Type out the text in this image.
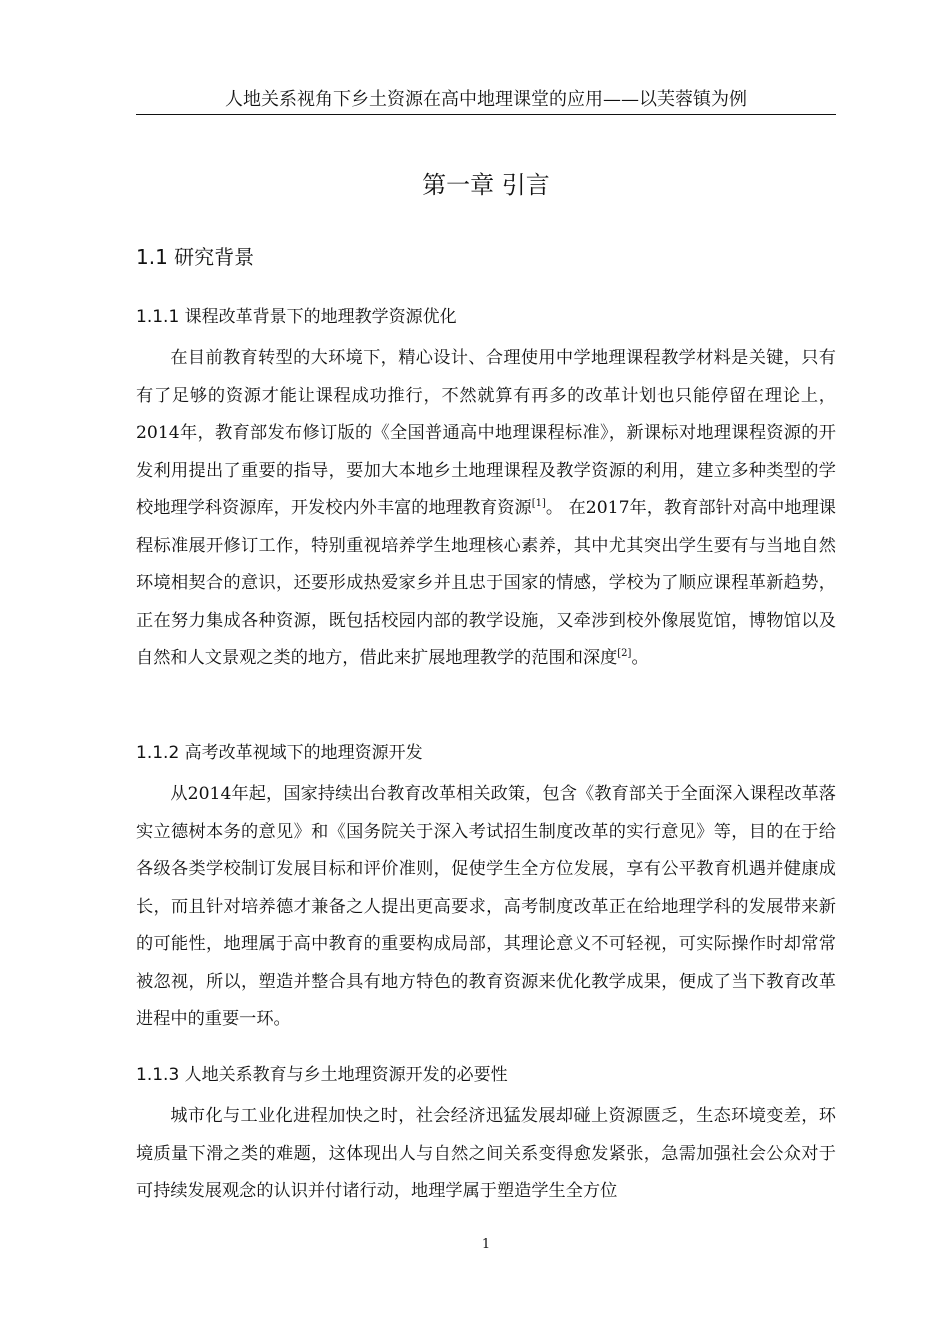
人地关系视角下乡土资源在高中地理课堂的应用——以芙蓉镇为例
第一章 引言
1.1 研究背景
1.1.1 课程改革背景下的地理教学资源优化

在目前教育转型的大环境下，精心设计、合理使用中学地理课程教学材料是关键，只有有了足够的资源才能让课程成功推行，不然就算有再多的改革计划也只能停留在理论上，2014年，教育部发布修订版的《全国普通高中地理课程标准》，新课标对地理课程资源的开发利用提出了重要的指导，要加大本地乡土地理课程及教学资源的利用，建立多种类型的学校地理学科资源库，开发校内外丰富的地理教育资源[1]。 在2017年，教育部针对高中地理课程标准展开修订工作，特别重视培养学生地理核心素养，其中尤其突出学生要有与当地自然环境相契合的意识，还要形成热爱家乡并且忠于国家的情感，学校为了顺应课程革新趋势，正在努力集成各种资源，既包括校园内部的教学设施，又牵涉到校外像展览馆，博物馆以及自然和人文景观之类的地方，借此来扩展地理教学的范围和深度[2]。

1.1.2 高考改革视域下的地理资源开发

从2014年起，国家持续出台教育改革相关政策，包含《教育部关于全面深入课程改革落实立德树本务的意见》和《国务院关于深入考试招生制度改革的实行意见》等，目的在于给各级各类学校制订发展目标和评价准则，促使学生全方位发展，享有公平教育机遇并健康成长，而且针对培养德才兼备之人提出更高要求，高考制度改革正在给地理学科的发展带来新的可能性，地理属于高中教育的重要构成局部，其理论意义不可轻视，可实际操作时却常常被忽视，所以，塑造并整合具有地方特色的教育资源来优化教学成果，便成了当下教育改革进程中的重要一环。

1.1.3 人地关系教育与乡土地理资源开发的必要性

城市化与工业化进程加快之时，社会经济迅猛发展却碰上资源匮乏，生态环境变差，环境质量下滑之类的难题，这体现出人与自然之间关系变得愈发紧张，急需加强社会公众对于可持续发展观念的认识并付诸行动，地理学属于塑造学生全方位

1
